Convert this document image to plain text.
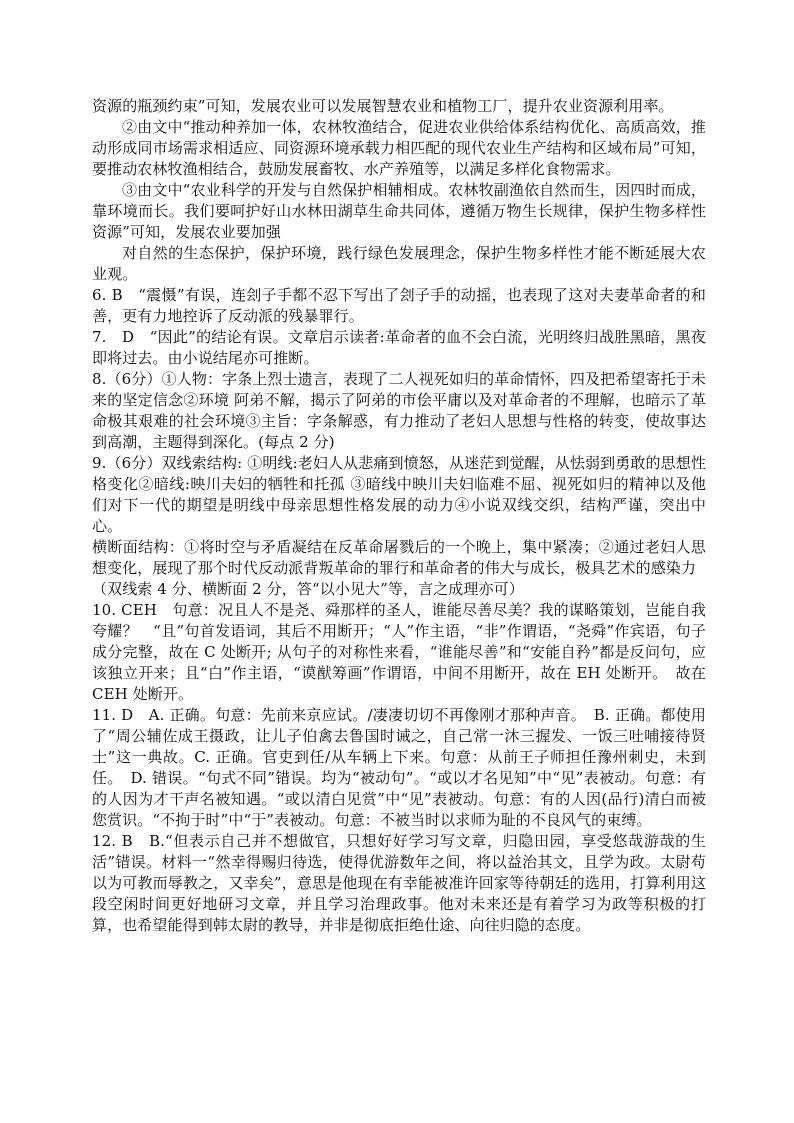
资源的瓶颈约束”可知，发展农业可以发展智慧农业和植物工厂，提升农业资源利用率。

②由文中“推动种养加一体，农林牧渔结合，促进农业供给体系结构优化、高质高效，推动形成同市场需求相适应、同资源环境承载力相匹配的现代农业生产结构和区域布局”可知，要推动农林牧渔相结合，鼓励发展畜牧、水产养殖等，以满足多样化食物需求。

③由文中“农业科学的开发与自然保护相辅相成。农林牧副渔依自然而生，因四时而成，靠环境而长。我们要呵护好山水林田湖草生命共同体，遵循万物生长规律，保护生物多样性资源”可知，发展农业要加强

对自然的生态保护，保护环境，践行绿色发展理念，保护生物多样性才能不断延展大农业观。

6. B　“震慑”有误，连刽子手都不忍下写出了刽子手的动摇，也表现了这对夫妻革命者的和善，更有力地控诉了反动派的残暴罪行。

7.　D　“因此”的结论有误。文章启示读者:革命者的血不会白流，光明终归战胜黑暗，黑夜即将过去。由小说结尾亦可推断。

8.（6分）①人物：字条上烈士遗言，表现了二人视死如归的革命情怀，四及把希望寄托于未来的坚定信念②环境 阿弟不解，揭示了阿弟的市侩平庸以及对革命者的不理解，也暗示了革命极其艰难的社会环境③主旨：字条解惑，有力推动了老妇人思想与性格的转变，使故事达到高潮，主题得到深化。(每点 2 分)

9.（6分）双线索结构: ①明线:老妇人从悲痛到愤怒，从迷茫到觉醒，从怯弱到勇敢的思想性格变化②暗线:映川夫妇的牺牲和托孤 ③暗线中映川夫妇临难不屈、视死如归的精神以及他们对下一代的期望是明线中母亲思想性格发展的动力④小说双线交织，结构严谨，突出中心。

横断面结构：①将时空与矛盾凝结在反革命屠戮后的一个晚上，集中紧凑；②通过老妇人思想变化，展现了那个时代反动派背叛革命的罪行和革命者的伟大与成长，极具艺术的感染力

（双线索 4 分、横断面 2 分，答“以小见大”等，言之成理亦可）

10. CEH　句意：况且人不是尧、舜那样的圣人，谁能尽善尽美？我的谋略策划，岂能自我夸耀？　“且”句首发语词，其后不用断开；“人”作主语，“非”作谓语，“尧舜”作宾语，句子成分完整，故在 C 处断开; 从句子的对称性来看，“谁能尽善”和“安能自矜”都是反问句，应该独立开来；且“白”作主语，“谟猷筹画”作谓语，中间不用断开，故在 EH 处断开。　故在 CEH 处断开。

11. D　A. 正确。句意：先前来京应试。/凄凄切切不再像刚才那种声音。　B. 正确。都使用了“周公辅佐成王摄政，让儿子伯禽去鲁国时诫之，自己常一沐三握发、一饭三吐哺接待贤士”这一典故。C. 正确。官吏到任/从车辆上下来。句意：从前王子师担任豫州刺史，未到任。　D. 错误。“句式不同”错误。均为“被动句”。“或以才名见知”中“见”表被动。句意：有的人因为才干声名被知遇。“或以清白见赏”中“见”表被动。句意：有的人因(品行)清白而被您赏识。“不拘于时”中“于”表被动。句意：不被当时以求师为耻的不良风气的束缚。

12. B　B.“但表示自己并不想做官，只想好好学习写文章，归隐田园，享受悠哉游哉的生活”错误。材料一“然幸得赐归待选，使得优游数年之间，将以益治其文，且学为政。太尉苟以为可教而辱教之，又幸矣”，意思是他现在有幸能被准许回家等待朝廷的选用，打算利用这段空闲时间更好地研习文章，并且学习治理政事。他对未来还是有着学习为政等积极的打算，也希望能得到韩太尉的教导，并非是彻底拒绝仕途、向往归隐的态度。
